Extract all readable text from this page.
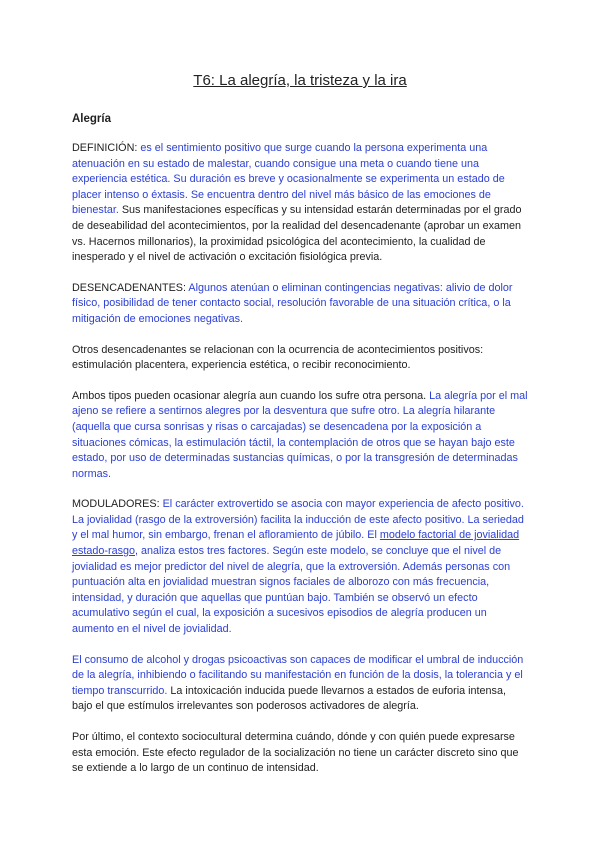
T6: La alegría, la tristeza y la ira
Alegría

DEFINICIÓN: es el sentimiento positivo que surge cuando la persona experimenta una atenuación en su estado de malestar, cuando consigue una meta o cuando tiene una experiencia estética. Su duración es breve y ocasionalmente se experimenta un estado de placer intenso o éxtasis. Se encuentra dentro del nivel más básico de las emociones de bienestar. Sus manifestaciones específicas y su intensidad estarán determinadas por el grado de deseabilidad del acontecimientos, por la realidad del desencadenante (aprobar un examen vs. Hacernos millonarios), la proximidad psicológica del acontecimiento, la cualidad de inesperado y el nivel de activación o excitación fisiológica previa.

DESENCADENANTES: Algunos atenúan o eliminan contingencias negativas: alivio de dolor físico, posibilidad de tener contacto social, resolución favorable de una situación crítica, o la mitigación de emociones negativas.

Otros desencadenantes se relacionan con la ocurrencia de acontecimientos positivos: estimulación placentera, experiencia estética, o recibir reconocimiento.

Ambos tipos pueden ocasionar alegría aun cuando los sufre otra persona. La alegría por el mal ajeno se refiere a sentirnos alegres por la desventura que sufre otro. La alegría hilarante (aquella que cursa sonrisas y risas o carcajadas) se desencadena por la exposición a situaciones cómicas, la estimulación táctil, la contemplación de otros que se hayan bajo este estado, por uso de determinadas sustancias químicas, o por la transgresión de determinadas normas.

MODULADORES: El carácter extrovertido se asocia con mayor experiencia de afecto positivo. La jovialidad (rasgo de la extroversión) facilita la inducción de este afecto positivo. La seriedad y el mal humor, sin embargo, frenan el afloramiento de júbilo. El modelo factorial de jovialidad estado-rasgo, analiza estos tres factores. Según este modelo, se concluye que el nivel de jovialidad es mejor predictor del nivel de alegría, que la extroversión. Además personas con puntuación alta en jovialidad muestran signos faciales de alborozo con más frecuencia, intensidad, y duración que aquellas que puntúan bajo. También se observó un efecto acumulativo según el cual, la exposición a sucesivos episodios de alegría producen un aumento en el nivel de jovialidad.

El consumo de alcohol y drogas psicoactivas son capaces de modificar el umbral de inducción de la alegría, inhibiendo o facilitando su manifestación en función de la dosis, la tolerancia y el tiempo transcurrido. La intoxicación inducida puede llevarnos a estados de euforia intensa, bajo el que estímulos irrelevantes son poderosos activadores de alegría.

Por último, el contexto sociocultural determina cuándo, dónde y con quién puede expresarse esta emoción. Este efecto regulador de la socialización no tiene un carácter discreto sino que se extiende a lo largo de un continuo de intensidad.
